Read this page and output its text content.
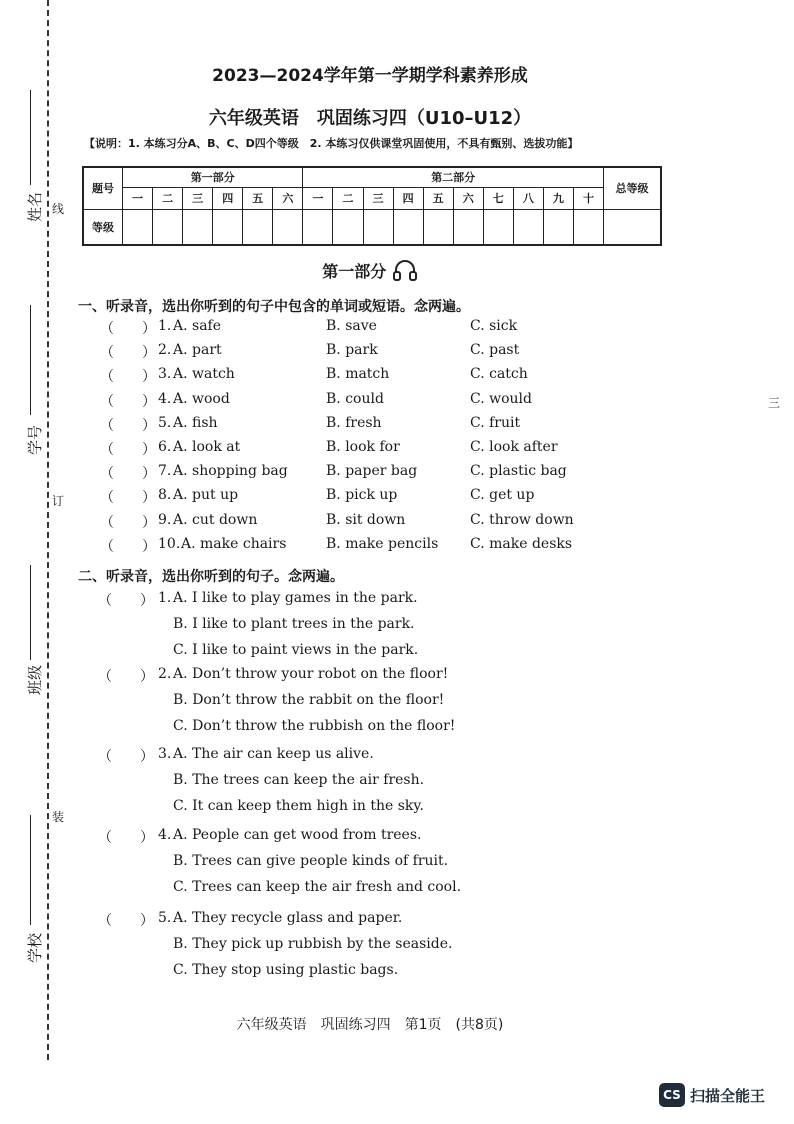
线
订
装
姓名
学号
班级
学校
2023—2024学年第一学期学科素养形成
六年级英语　巩固练习四（U10–U12）
【说明：1. 本练习分A、B、C、D四个等级　2. 本练习仅供课堂巩固使用，不具有甄别、选拔功能】
题号	第一部分						第二部分										总等级
	一	二	三	四	五	六	一	二	三	四	五	六	七	八	九	十	
等级																	
第一部分
一、听录音，选出你听到的句子中包含的单词或短语。念两遍。
（　　） 1. A. safe	B. save	C. sick
（　　） 2. A. part	B. park	C. past
（　　） 3. A. watch	B. match	C. catch
（　　） 4. A. wood	B. could	C. would
（　　） 5. A. fish	B. fresh	C. fruit
（　　） 6. A. look at	B. look for	C. look after
（　　） 7. A. shopping bag	B. paper bag	C. plastic bag
（　　） 8. A. put up	B. pick up	C. get up
（　　） 9. A. cut down	B. sit down	C. throw down
（　　） 10. A. make chairs	B. make pencils C. make desks
二、听录音，选出你听到的句子。念两遍。
（　　） 1. A. I like to play games in the park.
B. I like to plant trees in the park.
C. I like to paint views in the park.
（　　） 2. A. Don’t throw your robot on the floor!
B. Don’t throw the rabbit on the floor!
C. Don’t throw the rubbish on the floor!
（　　） 3. A. The air can keep us alive.
B. The trees can keep the air fresh.
C. It can keep them high in the sky.
（　　） 4. A. People can get wood from trees.
B. Trees can give people kinds of fruit.
C. Trees can keep the air fresh and cool.
（　　） 5. A. They recycle glass and paper.
B. They pick up rubbish by the seaside.
C. They stop using plastic bags.
六年级英语　巩固练习四　第1页　(共8页)
三
CS 扫描全能王
